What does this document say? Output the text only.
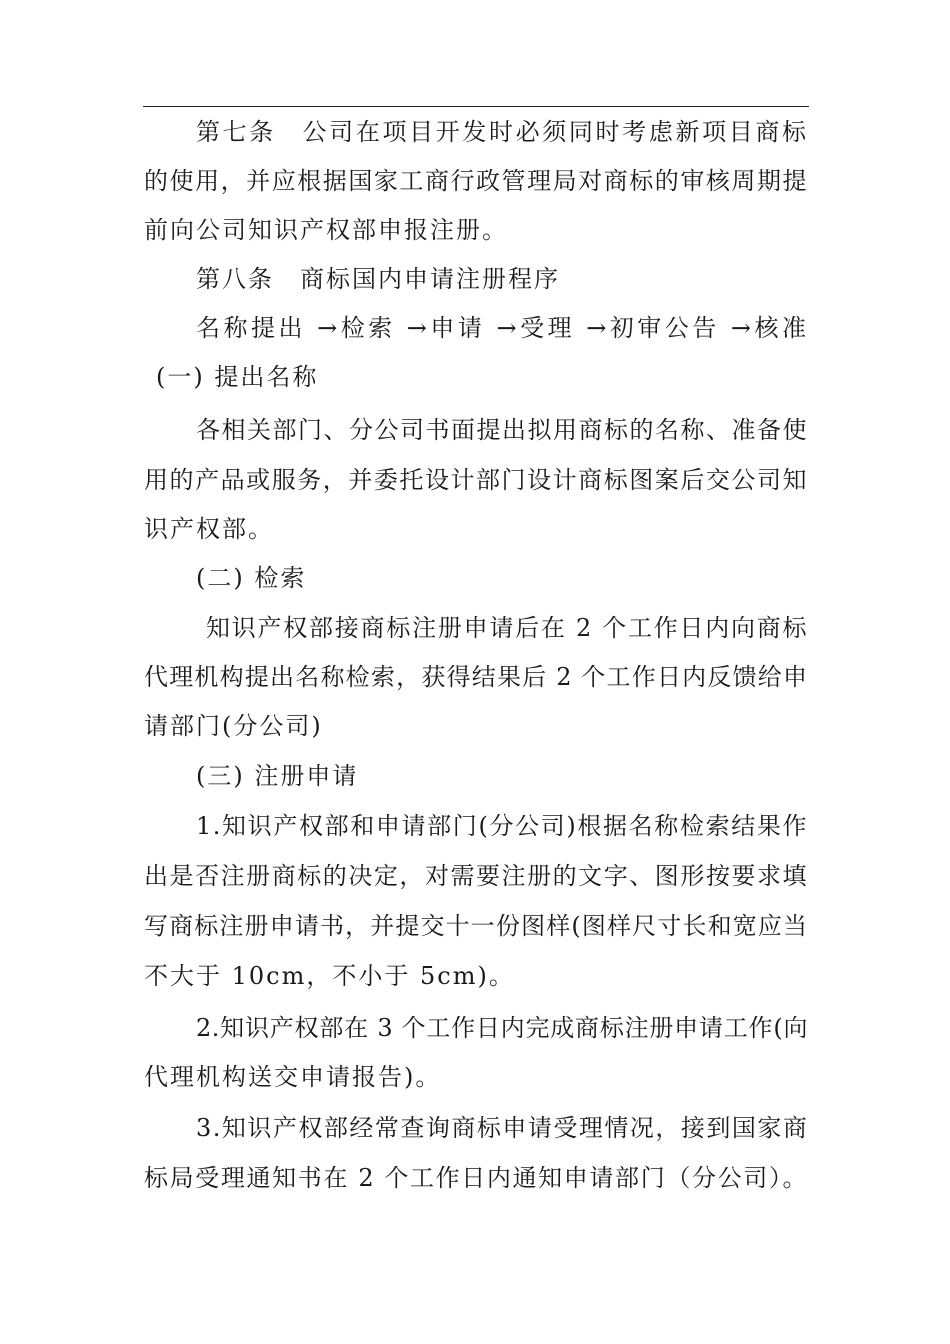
第七条　公司在项目开发时必须同时考虑新项目商标
的使用，并应根据国家工商行政管理局对商标的审核周期提
前向公司知识产权部申报注册。
第八条　商标国内申请注册程序
名称提出 →检索 →申请 →受理 →初审公告 →核准
(一) 提出名称
各相关部门、分公司书面提出拟用商标的名称、准备使
用的产品或服务，并委托设计部门设计商标图案后交公司知
识产权部。
(二) 检索
知识产权部接商标注册申请后在 2 个工作日内向商标
代理机构提出名称检索，获得结果后 2 个工作日内反馈给申
请部门(分公司)
(三) 注册申请
1.知识产权部和申请部门(分公司)根据名称检索结果作
出是否注册商标的决定，对需要注册的文字、图形按要求填
写商标注册申请书，并提交十一份图样(图样尺寸长和宽应当
不大于 10cm，不小于 5cm)。
2.知识产权部在 3 个工作日内完成商标注册申请工作(向
代理机构送交申请报告)。
3.知识产权部经常查询商标申请受理情况，接到国家商
标局受理通知书在 2 个工作日内通知申请部门（分公司）。
